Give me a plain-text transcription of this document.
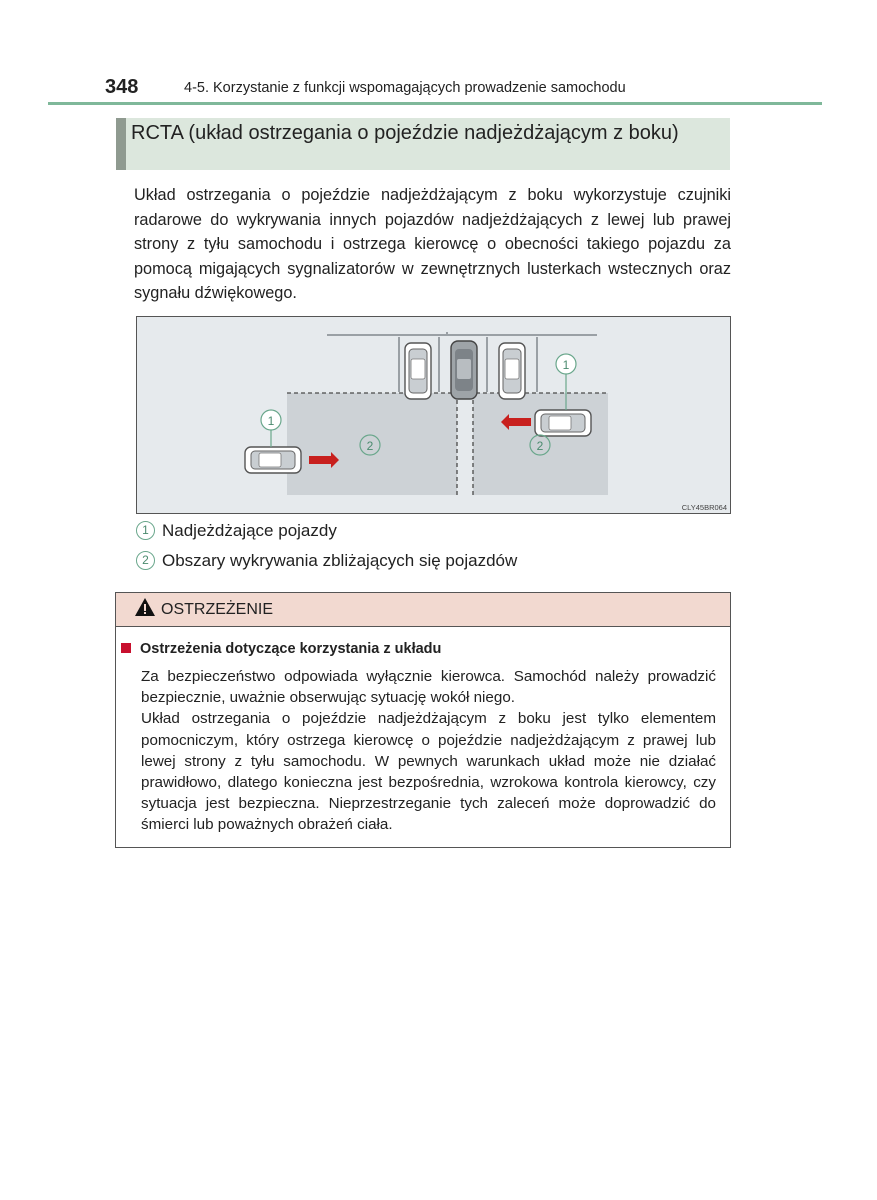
348	4-5. Korzystanie z funkcji wspomagających prowadzenie samochodu
RCTA (układ ostrzegania o pojeździe nadjeżdżającym z boku)
Układ ostrzegania o pojeździe nadjeżdżającym z boku wykorzystuje czujniki radarowe do wykrywania innych pojazdów nadjeżdżających z lewej lub prawej strony z tyłu samochodu i ostrzega kierowcę o obecności takiego pojazdu za pomocą migających sygnalizatorów w zewnętrznych lusterkach wstecznych oraz sygnału dźwiękowego.
1
1
2	2
CLY45BR064
1 Nadjeżdżające pojazdy
2 Obszary wykrywania zbliżających się pojazdów
OSTRZEŻENIE
Ostrzeżenia dotyczące korzystania z układu
Za bezpieczeństwo odpowiada wyłącznie kierowca. Samochód należy prowadzić bezpiecznie, uważnie obserwując sytuację wokół niego.
Układ ostrzegania o pojeździe nadjeżdżającym z boku jest tylko elementem pomocniczym, który ostrzega kierowcę o pojeździe nadjeżdżającym z prawej lub lewej strony z tyłu samochodu. W pewnych warunkach układ może nie działać prawidłowo, dlatego konieczna jest bezpośrednia, wzrokowa kontrola kierowcy, czy sytuacja jest bezpieczna. Nieprzestrzeganie tych zaleceń może doprowadzić do śmierci lub poważnych obrażeń ciała.
